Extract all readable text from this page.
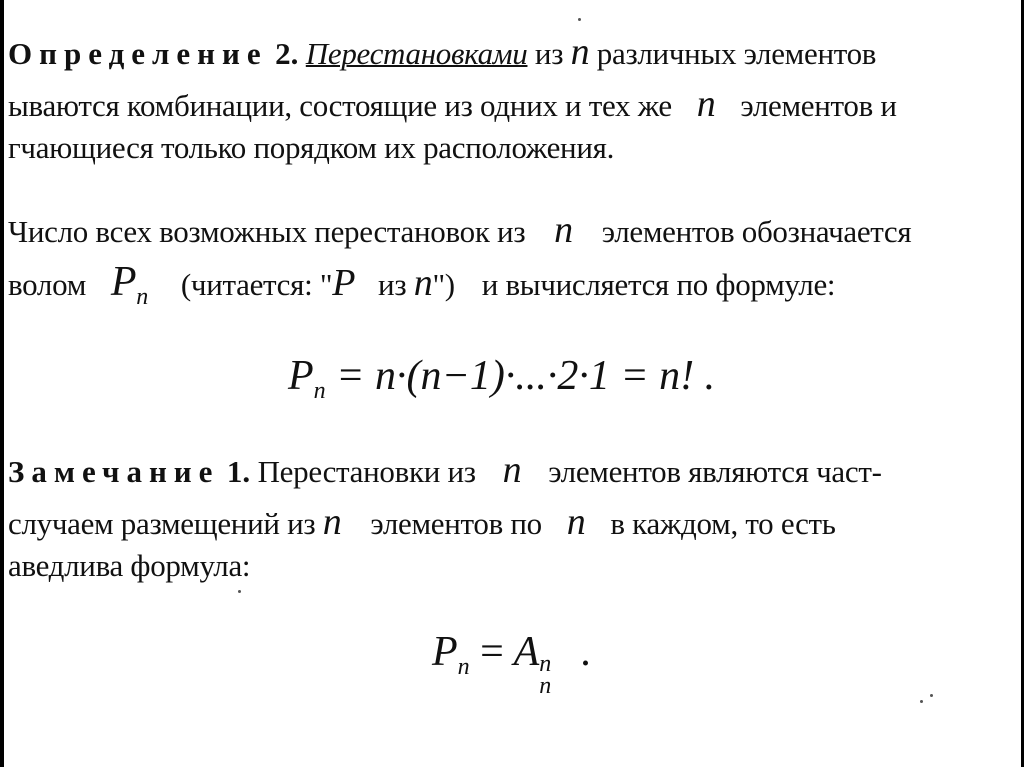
Определение 2. Перестановками из n различных элементов
ываются комбинации, состоящие из одних и тех же n элементов и
гчающиеся только порядком их расположения.
Число всех возможных перестановок из n элементов обозначается
волом $P_n$ (читается: "P из n") и вычисляется по формуле:
$P_n = n\cdot(n-1)\cdot...\cdot 2\cdot 1 = n$! .
Замечание 1. Перестановки из n элементов являются част-
случаем размещений из n элементов по n в каждом, то есть
аведлива формула:
$P_n = A$ n
n
.
